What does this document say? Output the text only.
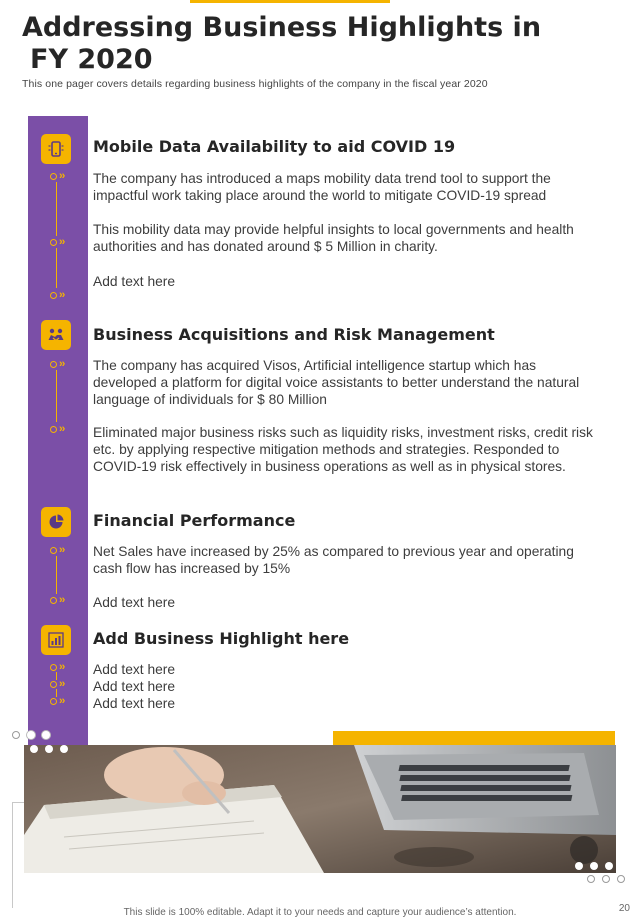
Addressing Business Highlights in
FY 2020
This one pager covers details regarding business highlights of the company in the fiscal year 2020
Mobile Data Availability to aid COVID 19
›› The company has introduced a maps mobility data trend tool to support the impactful work taking place around the world to mitigate COVID-19 spread
››
This mobility data may provide helpful insights to local governments and health authorities and has donated around $ 5 Million in charity.
››
Add text here
Business Acquisitions and Risk Management
›› The company has acquired Visos, Artificial intelligence startup which has developed a platform for digital voice assistants to better understand the natural language of individuals for $ 80 Million
›› Eliminated major business risks such as liquidity risks, investment risks, credit risk etc. by applying respective mitigation methods and strategies. Responded to COVID-19 risk effectively in business operations as well as in physical stores.
Financial Performance
›› Net Sales have increased by 25% as compared to previous year and operating cash flow has increased by 15%
›› Add text here
Add Business Highlight here
›› Add text here
›› Add text here
›› Add text here
This slide is 100% editable. Adapt it to your needs and capture your audience’s attention.	20
